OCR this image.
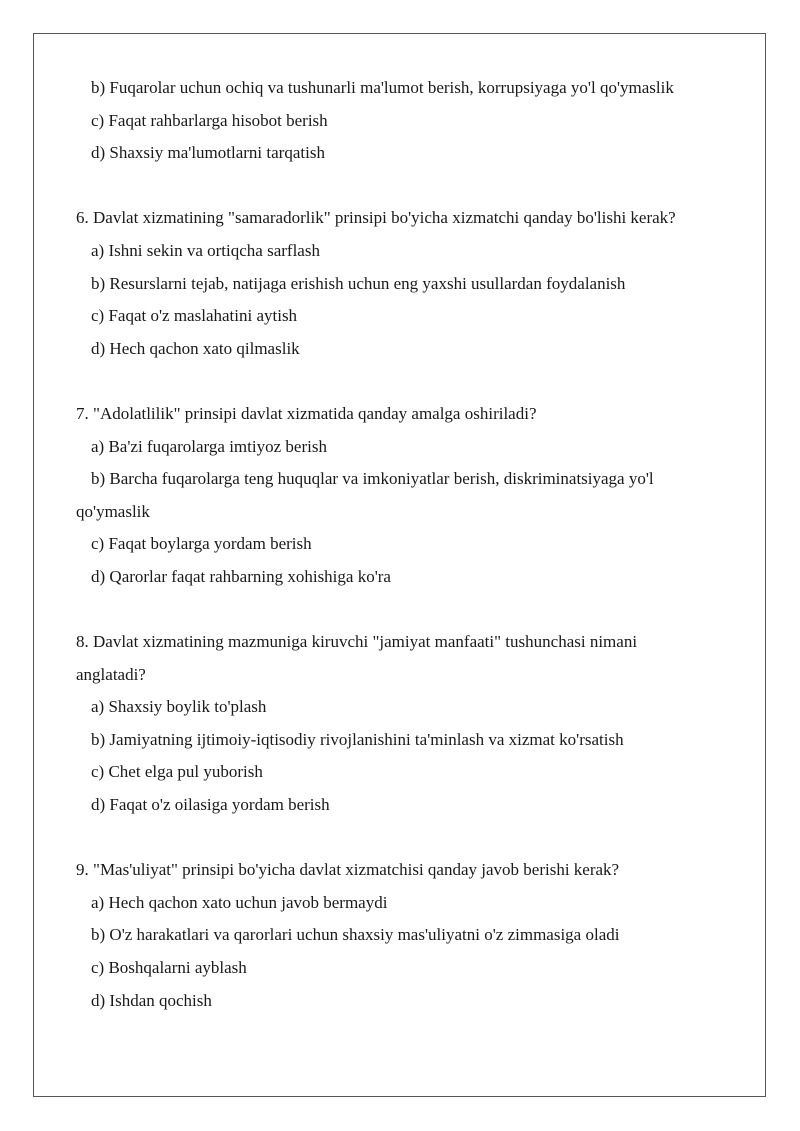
b) Fuqarolar uchun ochiq va tushunarli ma'lumot berish, korrupsiyaga yo'l qo'ymaslik

c) Faqat rahbarlarga hisobot berish

d) Shaxsiy ma'lumotlarni tarqatish

6. Davlat xizmatining "samaradorlik" prinsipi bo'yicha xizmatchi qanday bo'lishi kerak?

a) Ishni sekin va ortiqcha sarflash

b) Resurslarni tejab, natijaga erishish uchun eng yaxshi usullardan foydalanish

c) Faqat o'z maslahatini aytish

d) Hech qachon xato qilmaslik

7. "Adolatlilik" prinsipi davlat xizmatida qanday amalga oshiriladi?

a) Ba'zi fuqarolarga imtiyoz berish

b) Barcha fuqarolarga teng huquqlar va imkoniyatlar berish, diskriminatsiyaga yo'l

qo'ymaslik

c) Faqat boylarga yordam berish

d) Qarorlar faqat rahbarning xohishiga ko'ra

8. Davlat xizmatining mazmuniga kiruvchi "jamiyat manfaati" tushunchasi nimani

anglatadi?

a) Shaxsiy boylik to'plash

b) Jamiyatning ijtimoiy-iqtisodiy rivojlanishini ta'minlash va xizmat ko'rsatish

c) Chet elga pul yuborish

d) Faqat o'z oilasiga yordam berish

9. "Mas'uliyat" prinsipi bo'yicha davlat xizmatchisi qanday javob berishi kerak?

a) Hech qachon xato uchun javob bermaydi

b) O'z harakatlari va qarorlari uchun shaxsiy mas'uliyatni o'z zimmasiga oladi

c) Boshqalarni ayblash

d) Ishdan qochish
